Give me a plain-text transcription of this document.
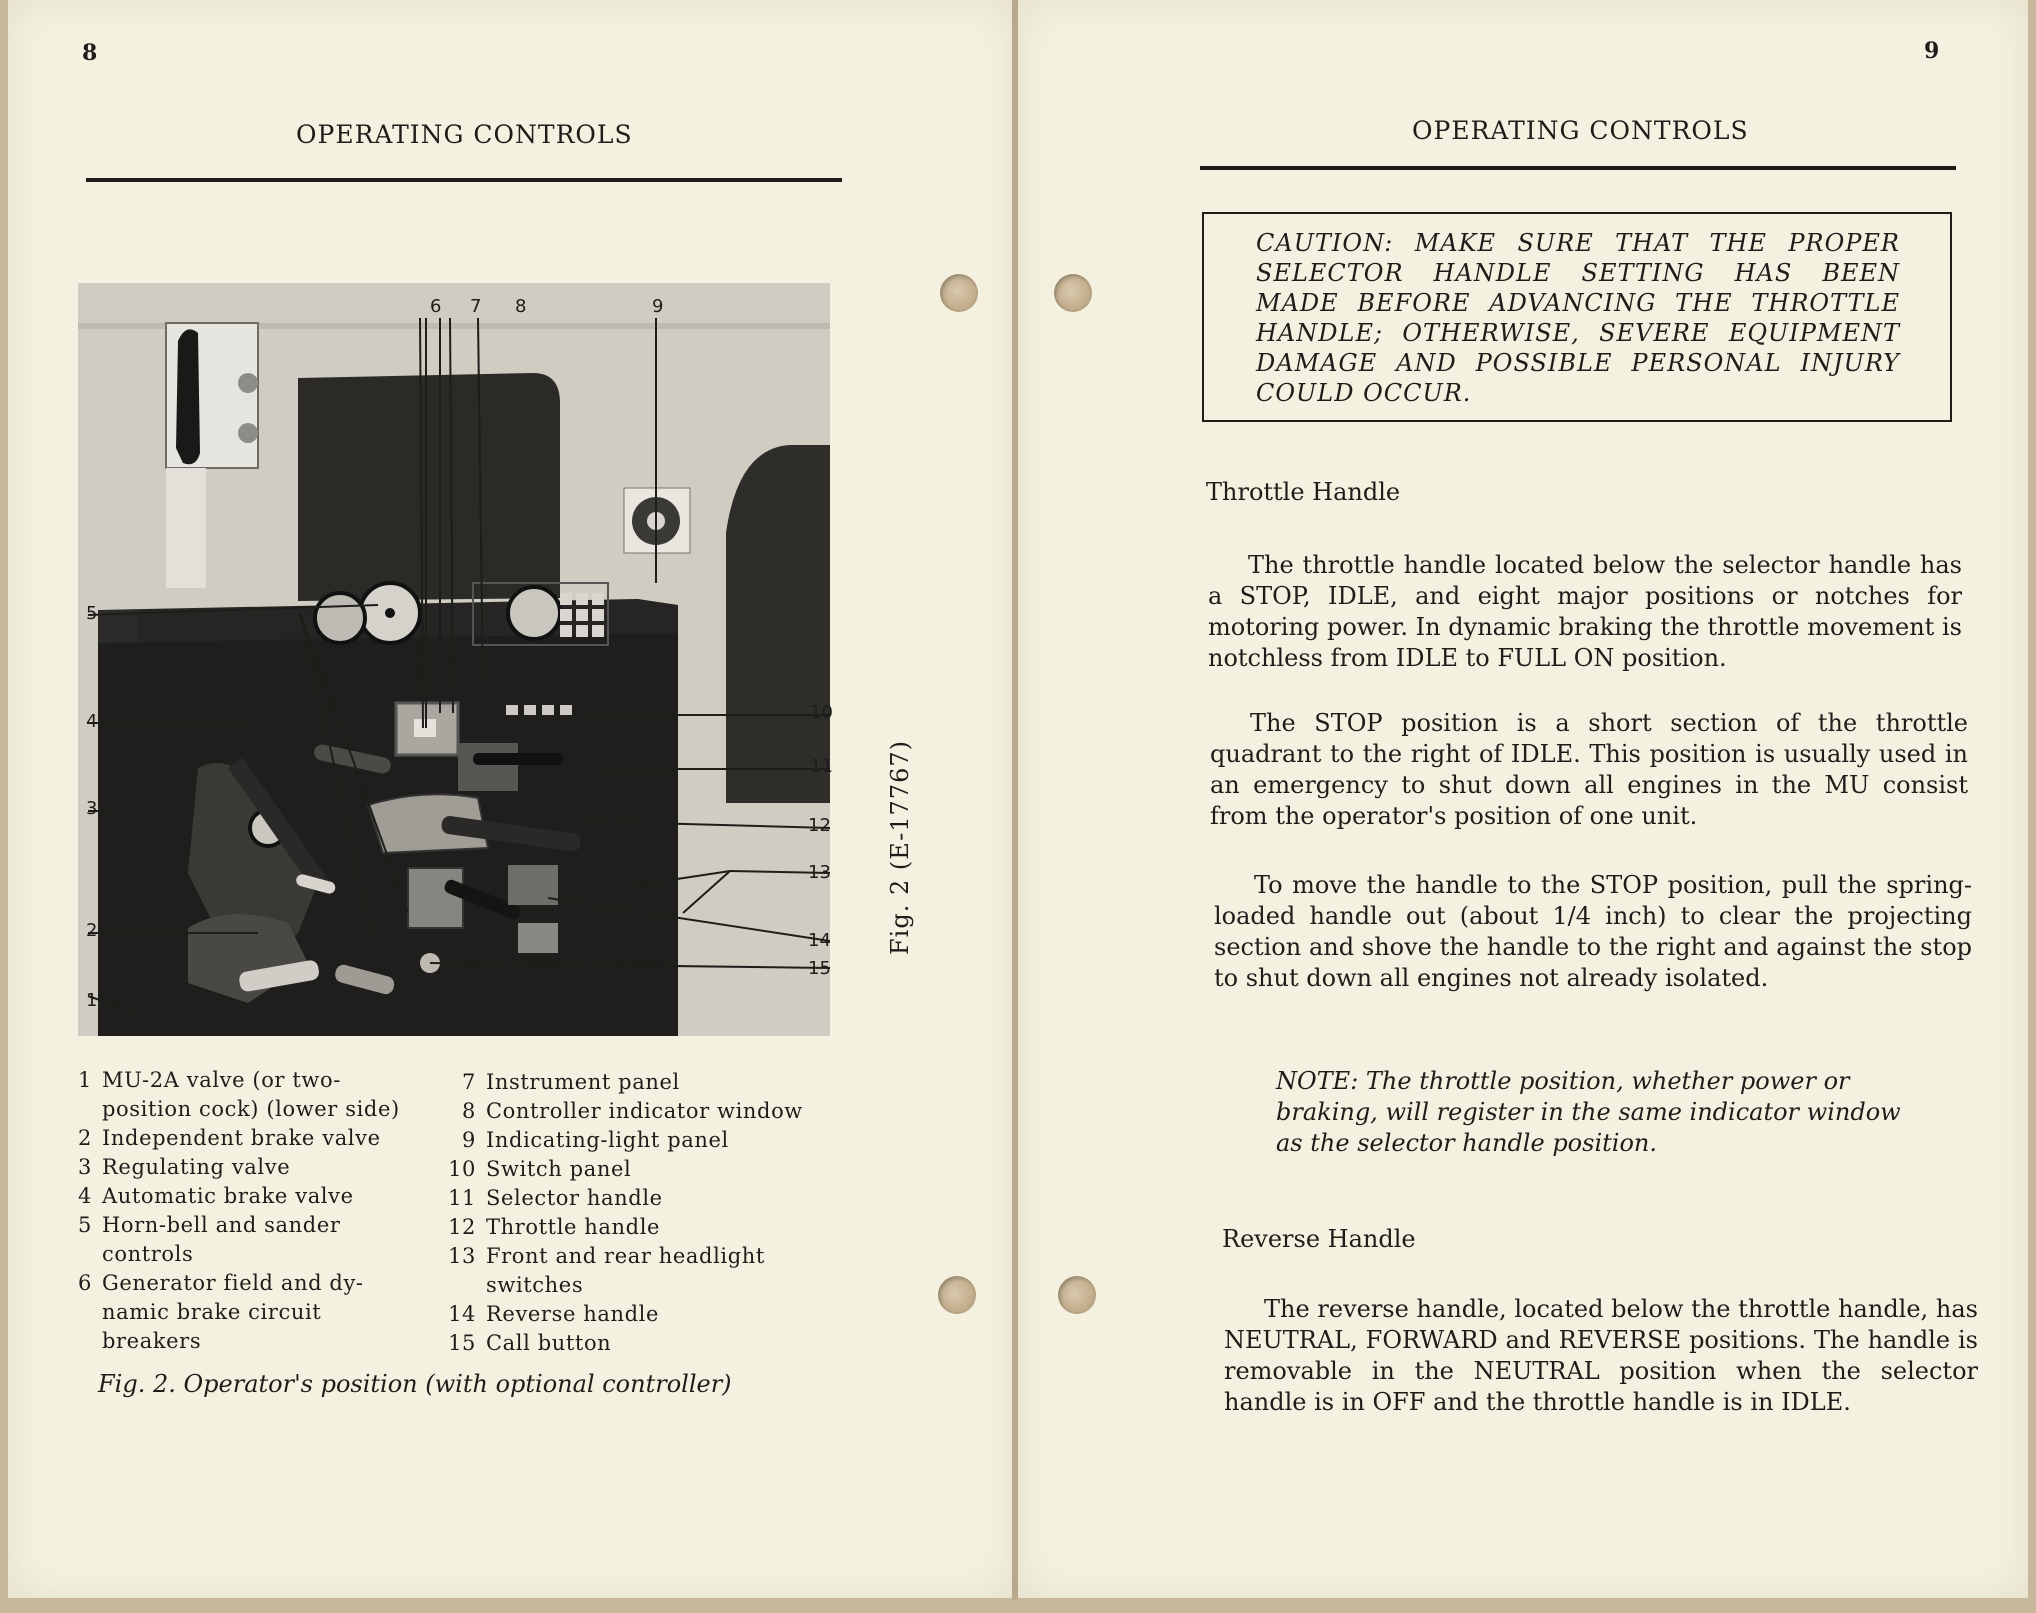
8
OPERATING CONTROLS
6 7 8	9
5
4
3
2
1
10
11
12
13
14
15
Fig. 2 (E-17767)
1 MU-2A valve (or two-
position cock) (lower side)
2 Independent brake valve
3 Regulating valve
4 Automatic brake valve
5 Horn-bell and sander
controls
6 Generator field and dy-
namic brake circuit
breakers
7 Instrument panel
8 Controller indicator window
9 Indicating-light panel
10 Switch panel
11 Selector handle
12 Throttle handle
13 Front and rear headlight
switches
14 Reverse handle
15 Call button
Fig. 2. Operator's position (with optional controller)
9
OPERATING CONTROLS
CAUTION: MAKE SURE THAT THE PROPER SELECTOR HANDLE SETTING HAS BEEN MADE BEFORE ADVANCING THE THROTTLE HANDLE; OTHERWISE, SEVERE EQUIPMENT DAMAGE AND POSSIBLE PERSONAL INJURY COULD OCCUR.
Throttle Handle
The throttle handle located below the selector handle has a STOP, IDLE, and eight major positions or notches for motoring power. In dynamic braking the throttle movement is notchless from IDLE to FULL ON position.
The STOP position is a short section of the throttle quadrant to the right of IDLE. This position is usually used in an emergency to shut down all engines in the MU consist from the operator's position of one unit.
To move the handle to the STOP position, pull the spring-loaded handle out (about 1/4 inch) to clear the projecting section and shove the handle to the right and against the stop to shut down all engines not already isolated.
NOTE: The throttle position, whether power or braking, will register in the same indicator window as the selector handle position.
Reverse Handle
The reverse handle, located below the throttle handle, has NEUTRAL, FORWARD and REVERSE positions. The handle is removable in the NEUTRAL position when the selector handle is in OFF and the throttle handle is in IDLE.
